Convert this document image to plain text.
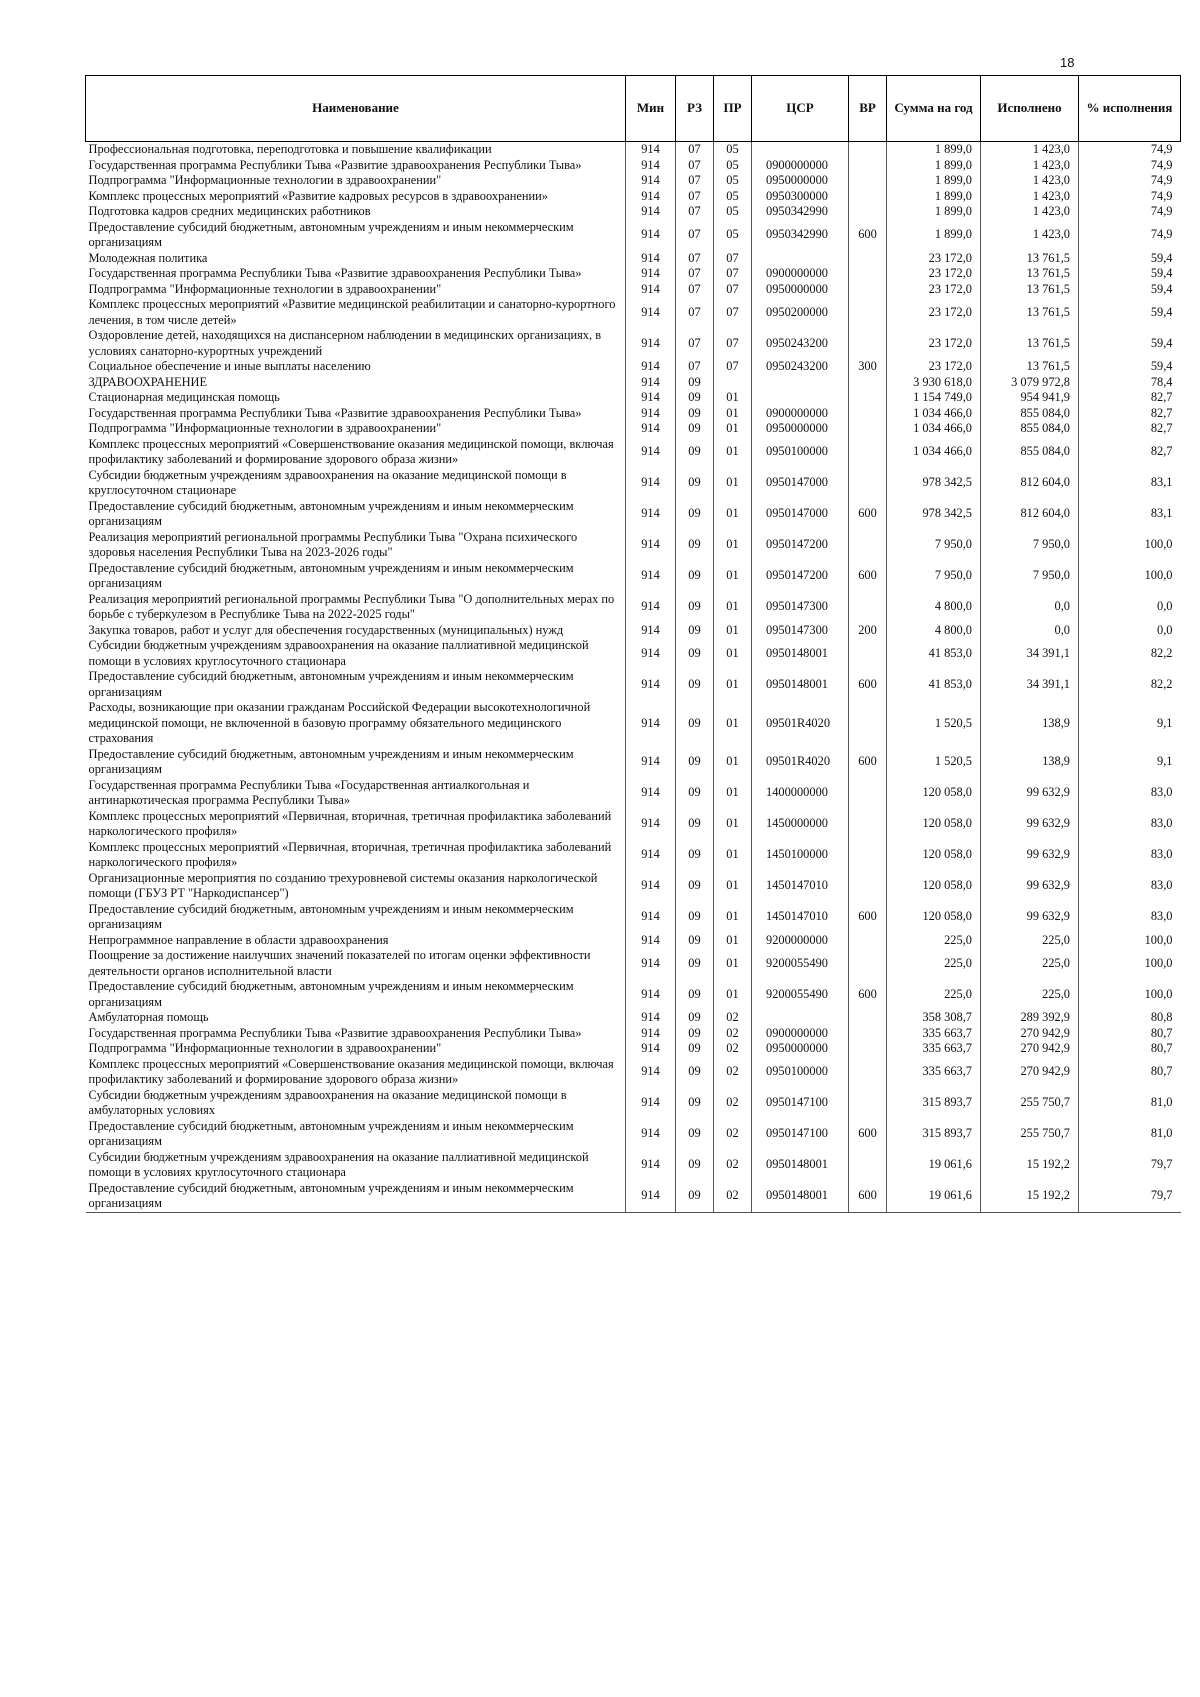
18
Наименование	Мин	РЗ	ПР	ЦСР	ВР	Сумма на год	Исполнено	% исполнения
Профессиональная подготовка, переподготовка и повышение квалификации	914	07	05			1 899,0	1 423,0	74,9
Государственная программа Республики Тыва «Развитие здравоохранения Республики Тыва»	914	07	05	0900000000		1 899,0	1 423,0	74,9
Подпрограмма "Информационные технологии в здравоохранении"	914	07	05	0950000000		1 899,0	1 423,0	74,9
Комплекс процессных мероприятий «Развитие кадровых ресурсов в здравоохранении»	914	07	05	0950300000		1 899,0	1 423,0	74,9
Подготовка кадров средних медицинских работников	914	07	05	0950342990		1 899,0	1 423,0	74,9
Предоставление субсидий бюджетным, автономным учреждениям и иным некоммерческим организациям	914	07	05	0950342990	600	1 899,0	1 423,0	74,9
Молодежная политика	914	07	07			23 172,0	13 761,5	59,4
Государственная программа Республики Тыва «Развитие здравоохранения Республики Тыва»	914	07	07	0900000000		23 172,0	13 761,5	59,4
Подпрограмма "Информационные технологии в здравоохранении"	914	07	07	0950000000		23 172,0	13 761,5	59,4
Комплекс процессных мероприятий «Развитие медицинской реабилитации и санаторно-курортного лечения, в том числе детей»	914	07	07	0950200000		23 172,0	13 761,5	59,4
Оздоровление детей, находящихся на диспансерном наблюдении в медицинских организациях, в условиях санаторно-курортных учреждений	914	07	07	0950243200		23 172,0	13 761,5	59,4
Социальное обеспечение и иные выплаты населению	914	07	07	0950243200	300	23 172,0	13 761,5	59,4
ЗДРАВООХРАНЕНИЕ	914	09				3 930 618,0	3 079 972,8	78,4
Стационарная медицинская помощь	914	09	01			1 154 749,0	954 941,9	82,7
Государственная программа Республики Тыва «Развитие здравоохранения Республики Тыва»	914	09	01	0900000000		1 034 466,0	855 084,0	82,7
Подпрограмма "Информационные технологии в здравоохранении"	914	09	01	0950000000		1 034 466,0	855 084,0	82,7
Комплекс процессных мероприятий «Совершенствование оказания медицинской помощи, включая профилактику заболеваний и формирование здорового образа жизни»	914	09	01	0950100000		1 034 466,0	855 084,0	82,7
Субсидии бюджетным учреждениям здравоохранения на оказание медицинской помощи в круглосуточном стационаре	914	09	01	0950147000		978 342,5	812 604,0	83,1
Предоставление субсидий бюджетным, автономным учреждениям и иным некоммерческим организациям	914	09	01	0950147000	600	978 342,5	812 604,0	83,1
Реализация мероприятий региональной программы Республики Тыва "Охрана психического здоровья населения Республики Тыва на 2023-2026 годы"	914	09	01	0950147200		7 950,0	7 950,0	100,0
Предоставление субсидий бюджетным, автономным учреждениям и иным некоммерческим организациям	914	09	01	0950147200	600	7 950,0	7 950,0	100,0
Реализация мероприятий региональной программы Республики Тыва "О дополнительных мерах по борьбе с туберкулезом в Республике Тыва на 2022-2025 годы"	914	09	01	0950147300		4 800,0	0,0	0,0
Закупка товаров, работ и услуг для обеспечения государственных (муниципальных) нужд	914	09	01	0950147300	200	4 800,0	0,0	0,0
Субсидии бюджетным учреждениям здравоохранения на оказание паллиативной медицинской помощи в условиях круглосуточного стационара	914	09	01	0950148001		41 853,0	34 391,1	82,2
Предоставление субсидий бюджетным, автономным учреждениям и иным некоммерческим организациям	914	09	01	0950148001	600	41 853,0	34 391,1	82,2
Расходы, возникающие при оказании гражданам Российской Федерации высокотехнологичной медицинской помощи, не включенной в базовую программу обязательного медицинского страхования	914	09	01	09501R4020		1 520,5	138,9	9,1
Предоставление субсидий бюджетным, автономным учреждениям и иным некоммерческим организациям	914	09	01	09501R4020	600	1 520,5	138,9	9,1
Государственная программа Республики Тыва «Государственная антиалкогольная и антинаркотическая программа Республики Тыва»	914	09	01	1400000000		120 058,0	99 632,9	83,0
Комплекс процессных мероприятий «Первичная, вторичная, третичная профилактика заболеваний наркологического профиля»	914	09	01	1450000000		120 058,0	99 632,9	83,0
Комплекс процессных мероприятий «Первичная, вторичная, третичная профилактика заболеваний наркологического профиля»	914	09	01	1450100000		120 058,0	99 632,9	83,0
Организационные мероприятия по созданию трехуровневой системы оказания наркологической помощи (ГБУЗ РТ "Наркодиспансер")	914	09	01	1450147010		120 058,0	99 632,9	83,0
Предоставление субсидий бюджетным, автономным учреждениям и иным некоммерческим организациям	914	09	01	1450147010	600	120 058,0	99 632,9	83,0
Непрограммное направление в области здравоохранения	914	09	01	9200000000		225,0	225,0	100,0
Поощрение за достижение наилучших значений показателей по итогам оценки эффективности деятельности органов исполнительной власти	914	09	01	9200055490		225,0	225,0	100,0
Предоставление субсидий бюджетным, автономным учреждениям и иным некоммерческим организациям	914	09	01	9200055490	600	225,0	225,0	100,0
Амбулаторная помощь	914	09	02			358 308,7	289 392,9	80,8
Государственная программа Республики Тыва «Развитие здравоохранения Республики Тыва»	914	09	02	0900000000		335 663,7	270 942,9	80,7
Подпрограмма "Информационные технологии в здравоохранении"	914	09	02	0950000000		335 663,7	270 942,9	80,7
Комплекс процессных мероприятий «Совершенствование оказания медицинской помощи, включая профилактику заболеваний и формирование здорового образа жизни»	914	09	02	0950100000		335 663,7	270 942,9	80,7
Субсидии бюджетным учреждениям здравоохранения на оказание медицинской помощи в амбулаторных условиях	914	09	02	0950147100		315 893,7	255 750,7	81,0
Предоставление субсидий бюджетным, автономным учреждениям и иным некоммерческим организациям	914	09	02	0950147100	600	315 893,7	255 750,7	81,0
Субсидии бюджетным учреждениям здравоохранения на оказание паллиативной медицинской помощи в условиях круглосуточного стационара	914	09	02	0950148001		19 061,6	15 192,2	79,7
Предоставление субсидий бюджетным, автономным учреждениям и иным некоммерческим организациям	914	09	02	0950148001	600	19 061,6	15 192,2	79,7
